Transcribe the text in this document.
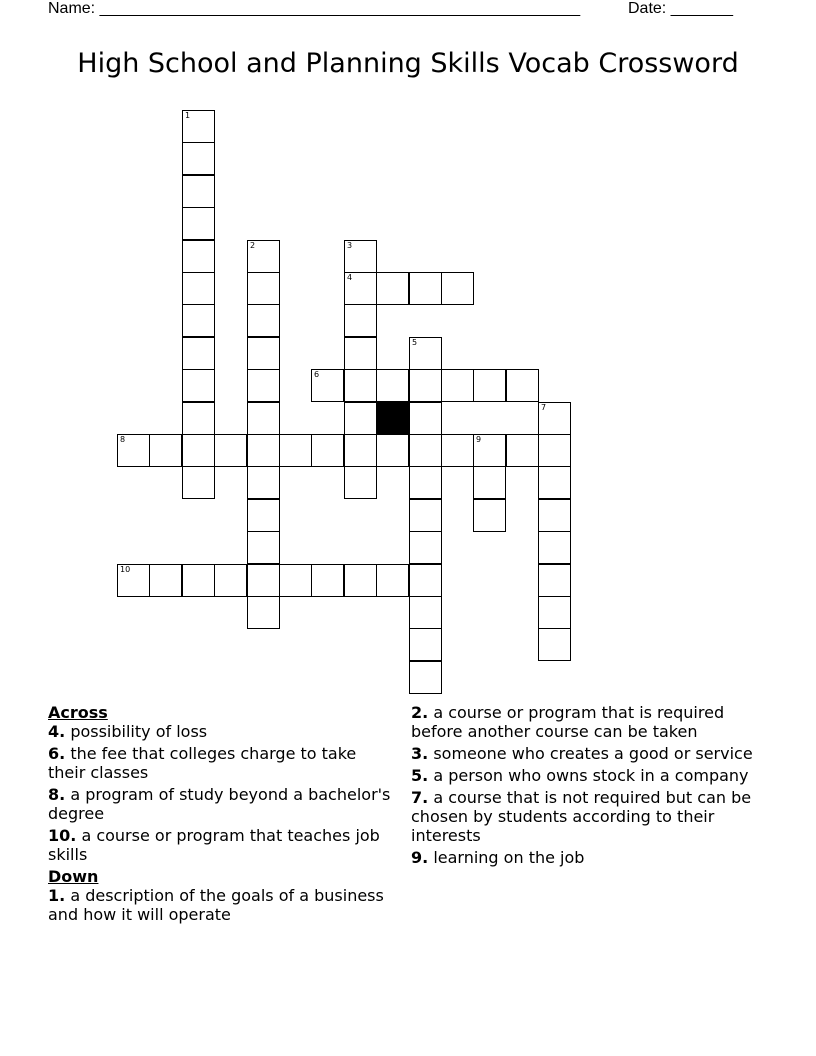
Name: ______________________________________________________	Date: _______
High School and Planning Skills Vocab Crossword
1
2	3
4
5
6
7
8	9
10
Across
4. possibility of loss
6. the fee that colleges charge to take their classes
8. a program of study beyond a bachelor's degree
10. a course or program that teaches job skills
Down
1. a description of the goals of a business and how it will operate
2. a course or program that is required before another course can be taken
3. someone who creates a good or service
5. a person who owns stock in a company
7. a course that is not required but can be chosen by students according to their interests
9. learning on the job
